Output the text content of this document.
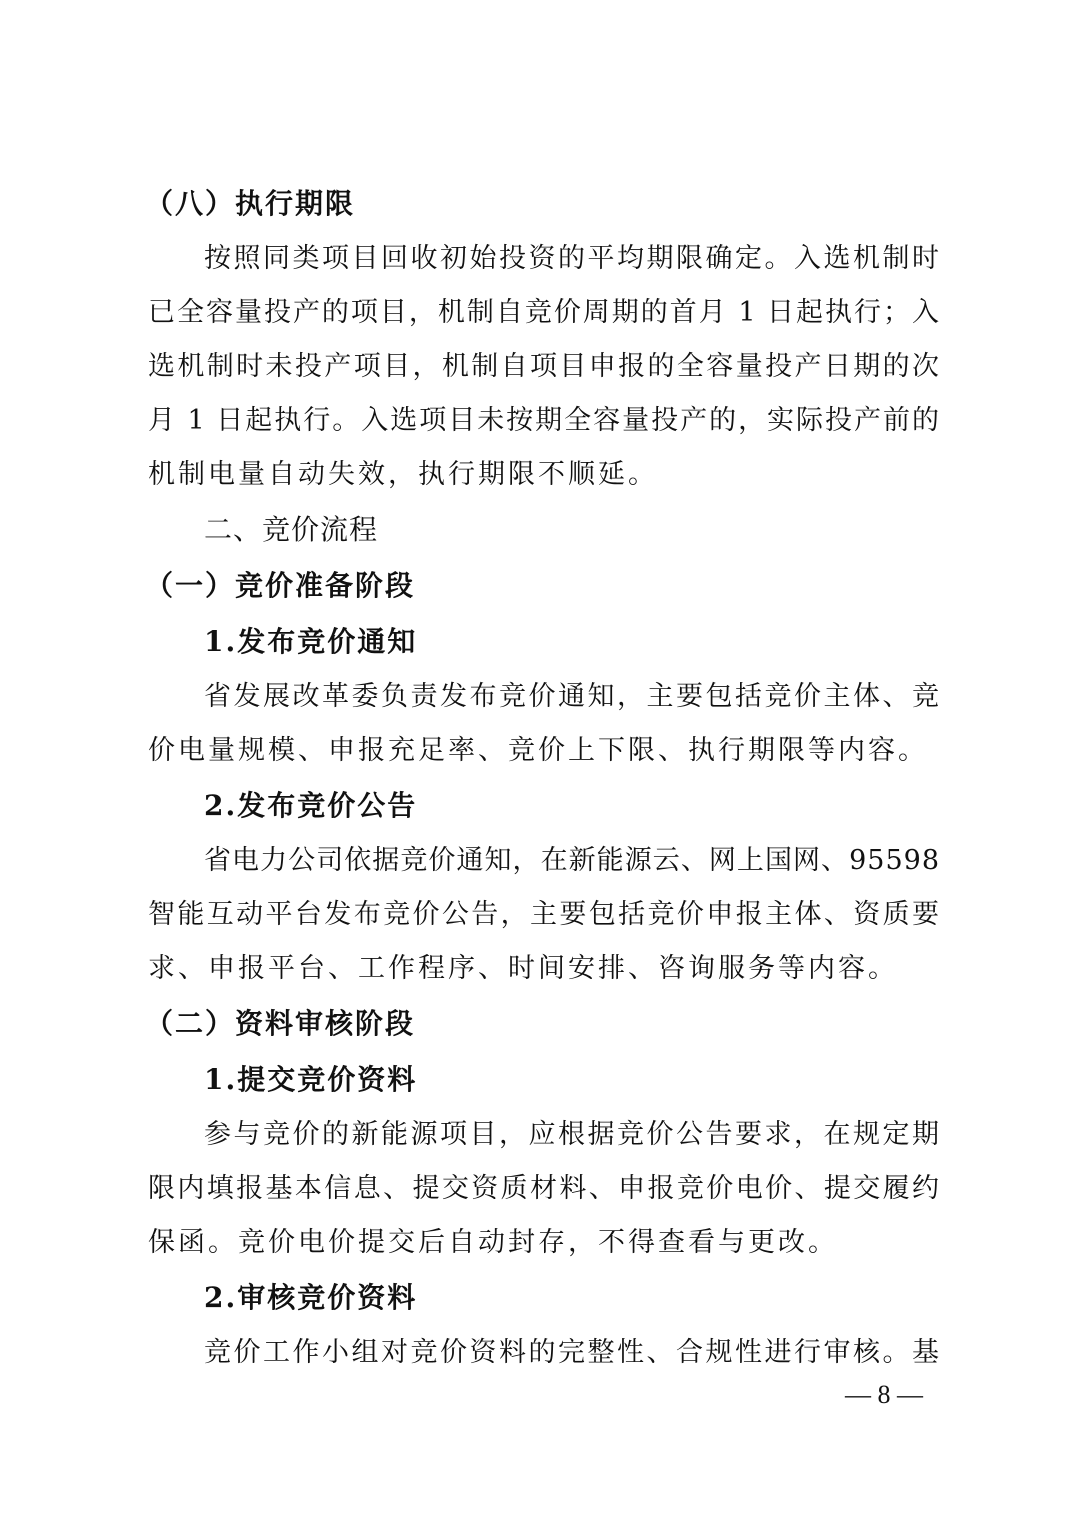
（八）执行期限
按照同类项目回收初始投资的平均期限确定。入选机制时
已全容量投产的项目，机制自竞价周期的首月 1 日起执行；入
选机制时未投产项目，机制自项目申报的全容量投产日期的次
月 1 日起执行。入选项目未按期全容量投产的，实际投产前的
机制电量自动失效，执行期限不顺延。
二、竞价流程
（一）竞价准备阶段
1.发布竞价通知
省发展改革委负责发布竞价通知，主要包括竞价主体、竞
价电量规模、申报充足率、竞价上下限、执行期限等内容。
2.发布竞价公告
省电力公司依据竞价通知，在新能源云、网上国网、95598
智能互动平台发布竞价公告，主要包括竞价申报主体、资质要
求、申报平台、工作程序、时间安排、咨询服务等内容。
（二）资料审核阶段
1.提交竞价资料
参与竞价的新能源项目，应根据竞价公告要求，在规定期
限内填报基本信息、提交资质材料、申报竞价电价、提交履约
保函。竞价电价提交后自动封存，不得查看与更改。
2.审核竞价资料
竞价工作小组对竞价资料的完整性、合规性进行审核。基
— 8 —
